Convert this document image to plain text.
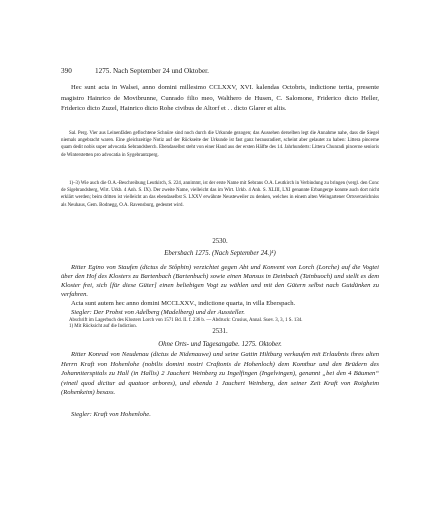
390	1275. Nach September 24 und Oktober.

Hec sunt acta in Walsei, anno domini millesimo CCLXXV, XVI. kalendas Octobris, indictione tertia, presente magistro Hainrico de Movibrunne, Cunrado filio meo, Walthero de Husen, C. Salomone, Friderico dicto Heller, Friderico dicto Zuzel, Hainrico dicto Rohe civibus de Altorf et . . dicto Glarer et aliis.

Sal. Perg. Vier aus Leinenfäden geflochtene Schnüre sind noch durch die Urkunde gezogen; das Aussehen derselben legt die Annahme nahe, dass die Siegel niemals angebracht waren. Eine gleichzeitige Notiz auf der Rückseite der Urkunde ist fast ganz herausradiert, scheint aber gelautet zu haben: Littera pincerne quam dedit nobis super advocatia Sebrandsberch. Ebendaselbst steht von einer Hand aus der ersten Hälfte des 14. Jahrhunderts: Littera Chunradi pincerne senioris de Winterstetten pro advocatia in Sygebrantzperg.

1)–3) Wie auch die O.A.-Beschreibung Leutkirch, S. 224, annimmt, ist der erste Name mit Sebrans O.A. Leutkirch in Verbindung zu bringen (vergl. den Conc de Sigebrandsberg, Wirt. Urkb. 4 Anh. S. IX). Der zweite Name, vielleicht das im Wirt. Urkb. 4 Anh. S. XLIII, LXI genannte Erbangerge konnte auch dort nicht erklärt werden; beim dritten ist vielleicht an das ebendaselbst S. LXXV erwähnte Neusteweiler zu denken, welches in einem alten Weingartener Ortsverzeichniss als Neuhaus, Gem. Bodnegg, O.A. Ravensburg, gedeutet wird.

2530.

Ebersbach 1275. (Nach September 24.)¹)

Ritter Egino von Staufen (dictus de Stôphin) verzichtet gegen Abt und Konvent von Lorch (Lorche) auf die Vogtei über den Hof des Klosters zu Bartenbach (Bartenbuch) sowie einen Mansus in Deinbach (Tainbuoch) und stellt es dem Kloster frei, sich [für diese Güter] einen beliebigen Vogt zu wählen und mit den Gütern selbst nach Gutdünken zu verfahren.

Acta sunt autem hec anno domini MCCLXXV., indictione quarta, in villa Eberspach.

Siegler: Der Probst von Adelberg (Madelberg) und der Aussteller.

Abschrift im Lagerbuch des Klosters Lorch von 1571 Bd. II. f. 236 b. — Abdruck: Crusius, Annal. Suev. 3, 3, 1 S. 134.

1) Mit Rücksicht auf die Indiction.

2531.

Ohne Orts- und Tagesangabe. 1275. Oktober.

Ritter Konrad von Neudenau (dictus de Nidenauwe) und seine Gattin Hiltburg verkaufen mit Erlaubnis ihres alten Herrn Kraft von Hohenlohe (nobilis domini nostri Craftonis de Hohenloch) dem Komthur und den Brüdern des Johanniterspitals zu Hall (in Hallis) 2 Jauchert Weinberg zu Ingelfingen (Ingelvingen), genannt „bei den 4 Bäumen“ (vinetl quod dicitur ad quatuor arbores), und ebenda 1 Jauchert Weinberg, den seiner Zeit Kraft von Roigheim (Rohenkeim) besass.

Siegler: Kraft von Hohenlohe.
